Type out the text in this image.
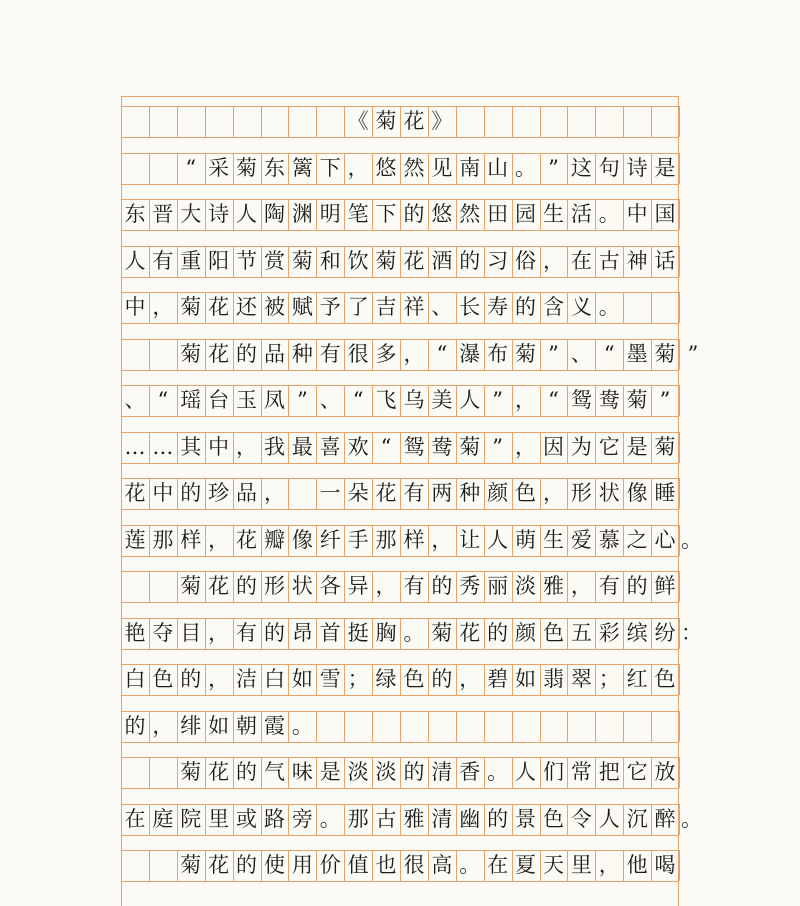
《 菊 花 》
“ 采 菊 东 篱 下 ， 悠 然 见 南 山 。 ” 这 句 诗 是
东 晋 大 诗 人 陶 渊 明 笔 下 的 悠 然 田 园 生 活 。 中 国
人 有 重 阳 节 赏 菊 和 饮 菊 花 酒 的 习 俗 ， 在 古 神 话
中 ， 菊 花 还 被 赋 予 了 吉 祥 、 长 寿 的 含 义 。
菊 花 的 品 种 有 很 多 ， “ 瀑 布 菊 ” 、 “ 墨 菊 ”
、 “ 瑶 台 玉 凤 ” 、 “ 飞 乌 美 人 ” ， “ 鸳 鸯 菊 ”
… … 其 中 ， 我 最 喜 欢 “ 鸳 鸯 菊 ” ， 因 为 它 是 菊
花 中 的 珍 品 ， 一 朵 花 有 两 种 颜 色 ， 形 状 像 睡
莲 那 样 ， 花 瓣 像 纤 手 那 样 ， 让 人 萌 生 爱 慕 之 心
菊 花 的 形 状 各 异 ， 有 的 秀 丽 淡 雅 ， 有 的 鲜
艳 夺 目 ， 有 的 昂 首 挺 胸 。 菊 花 的 颜 色 五 彩 缤 纷
白 色 的 ， 洁 白 如 雪 ； 绿 色 的 ， 碧 如 翡 翠 ； 红 色
的 ， 绯 如 朝 霞 。
菊 花 的 气 味 是 淡 淡 的 清 香 。 人 们 常 把 它 放
在 庭 院 里 或 路 旁 。 那 古 雅 清 幽 的 景 色 令 人 沉 醉
菊 花 的 使 用 价 值 也 很 高 。 在 夏 天 里 ， 他 喝
。
：
。
